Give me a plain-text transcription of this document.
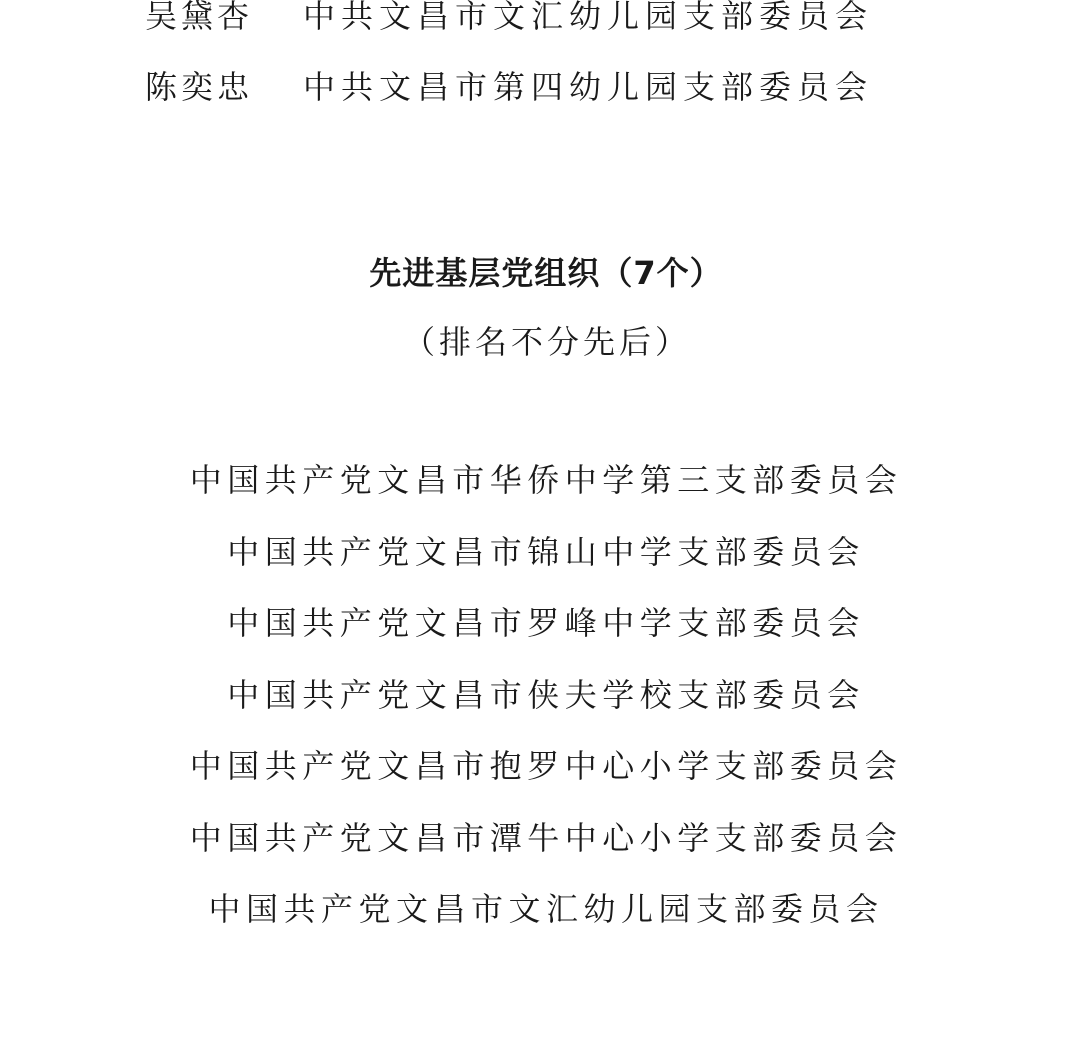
吴黛杏 中共文昌市文汇幼儿园支部委员会
陈奕忠 中共文昌市第四幼儿园支部委员会
先进基层党组织（7个）
（排名不分先后）
中国共产党文昌市华侨中学第三支部委员会
中国共产党文昌市锦山中学支部委员会
中国共产党文昌市罗峰中学支部委员会
中国共产党文昌市侠夫学校支部委员会
中国共产党文昌市抱罗中心小学支部委员会
中国共产党文昌市潭牛中心小学支部委员会
中国共产党文昌市文汇幼儿园支部委员会
